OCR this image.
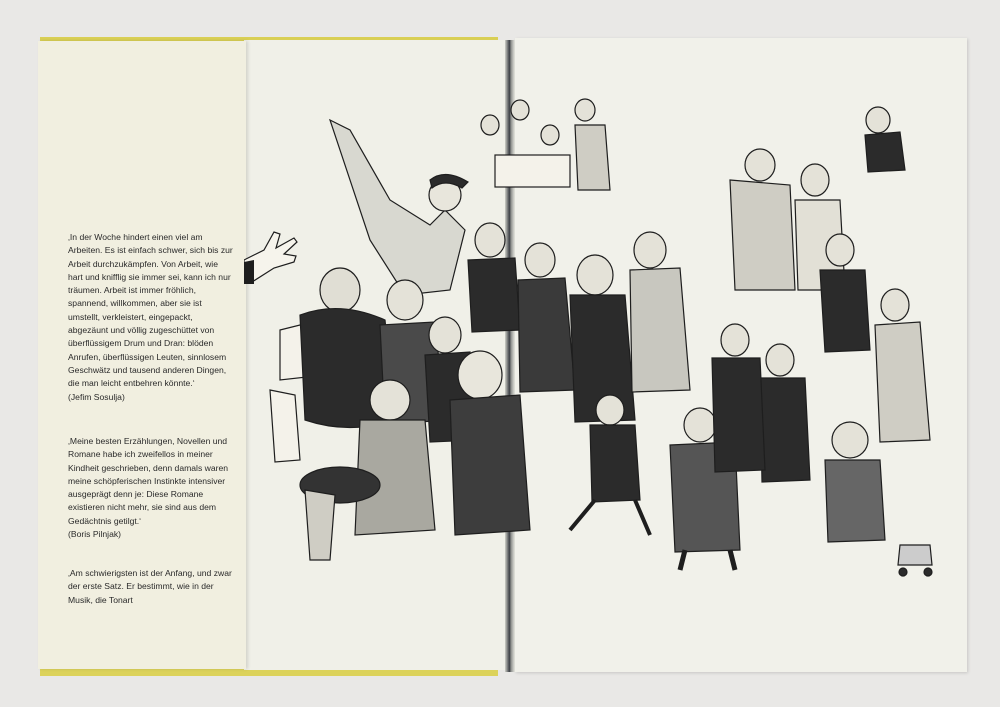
‚In der Woche hindert einen viel am Arbeiten. Es ist einfach schwer, sich bis zur Arbeit durchzukämpfen. Von Arbeit, wie hart und knifflig sie immer sei, kann ich nur träumen. Arbeit ist immer fröhlich, spannend, willkommen, aber sie ist umstellt, verkleistert, eingepackt, abgezäunt und völlig zugeschüttet von überflüssigem Drum und Dran: blöden Anrufen, überflüssigen Leuten, sinnlosem Geschwätz und tausend anderen Dingen, die man leicht entbehren könnte.‘
(Jefim Sosulja)
‚Meine besten Erzählungen, Novellen und Romane habe ich zweifellos in meiner Kindheit geschrieben, denn damals waren meine schöpferischen Instinkte intensiver ausgeprägt denn je: Diese Romane existieren nicht mehr, sie sind aus dem Gedächtnis getilgt.‘
(Boris Pilnjak)
‚Am schwierigsten ist der Anfang, und zwar der erste Satz. Er bestimmt, wie in der Musik, die Tonart
